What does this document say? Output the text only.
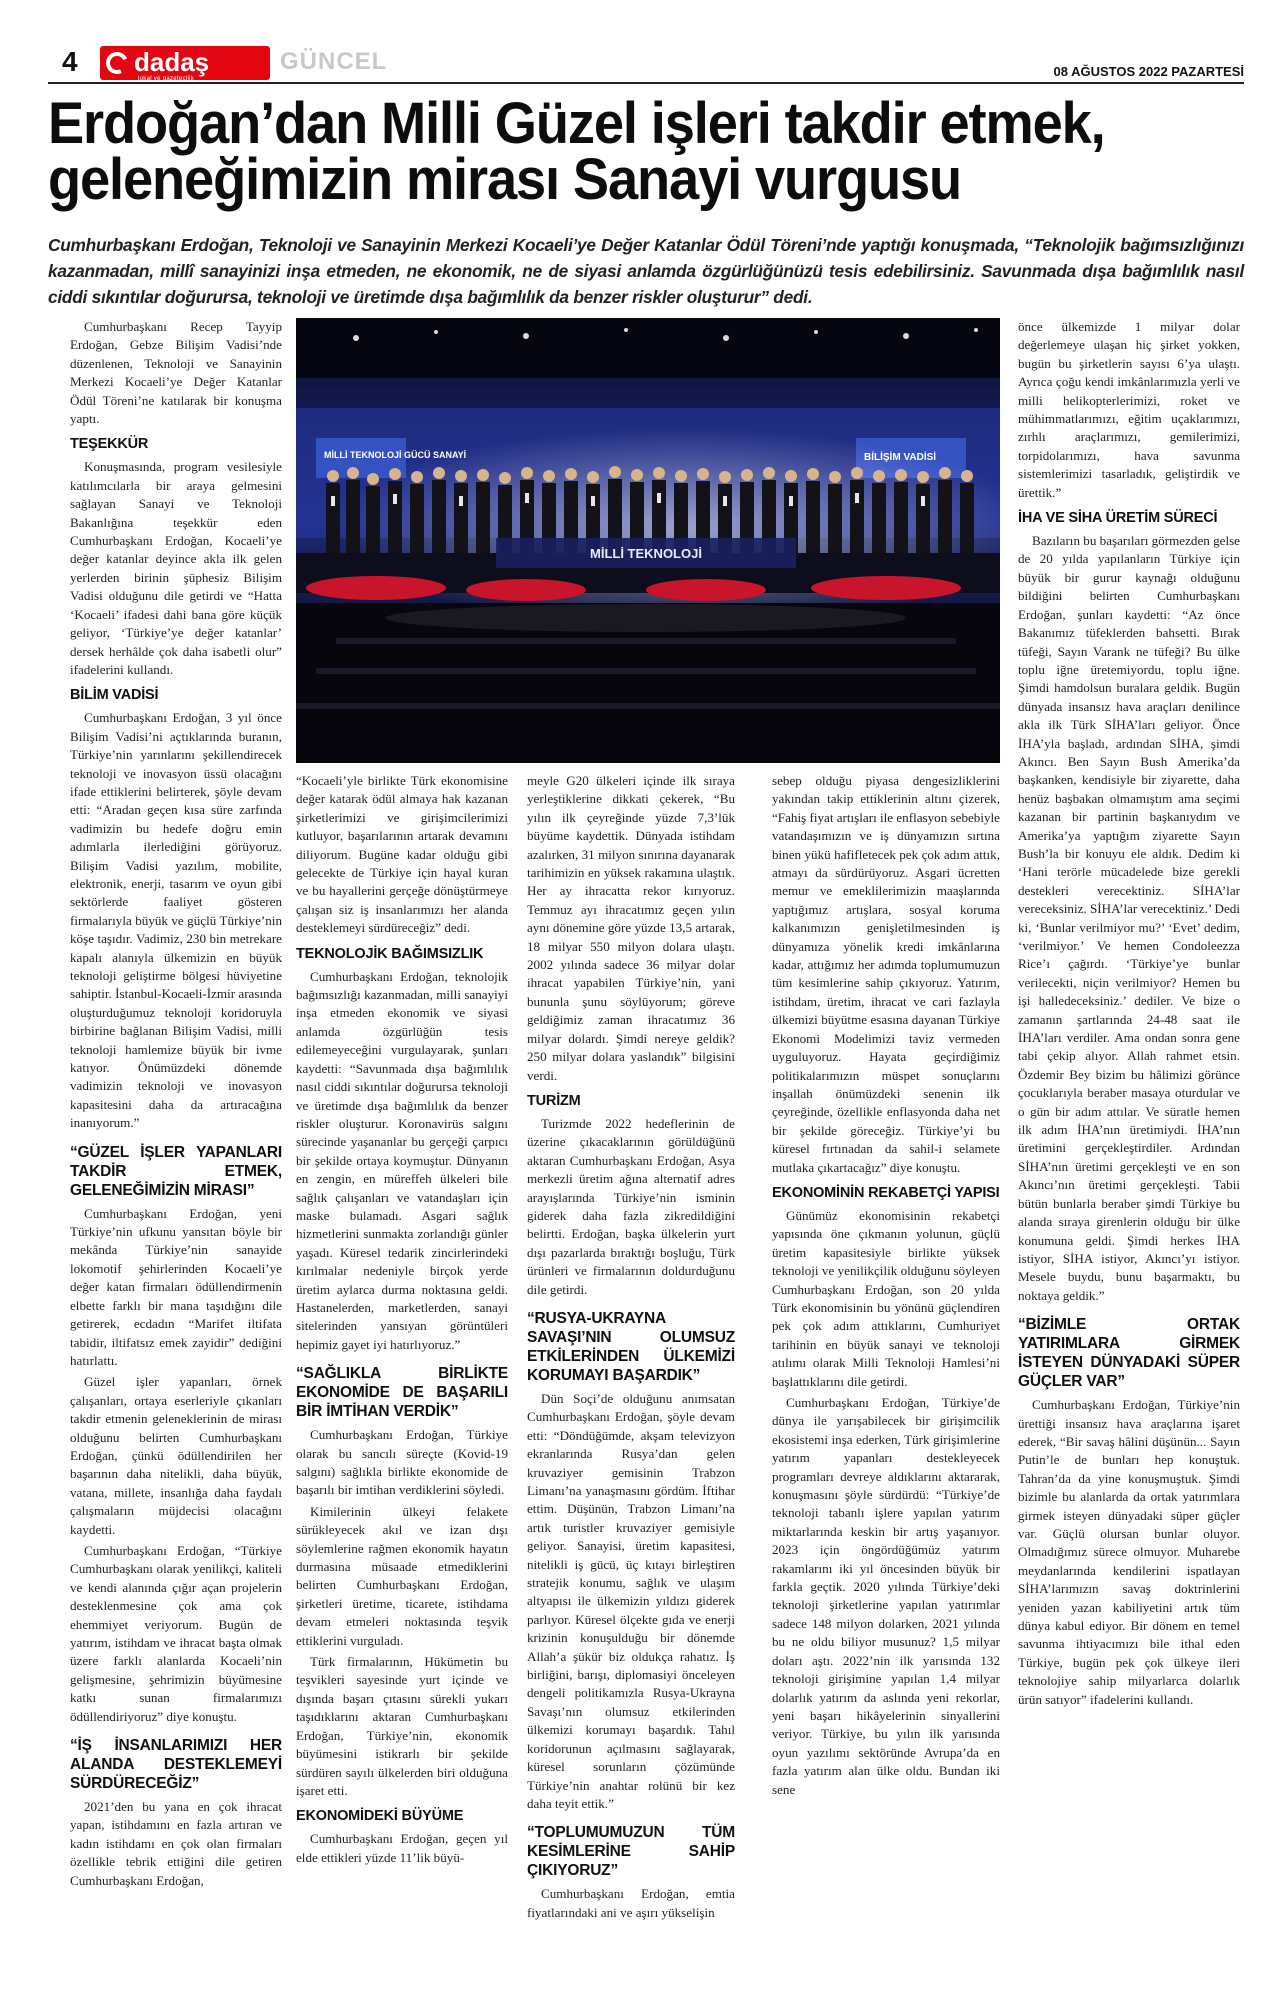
4	dadaş
lokal ve gazetecilik
GÜNCEL	08 AĞUSTOS 2022 PAZARTESİ
Erdoğan’dan Milli Güzel işleri takdir etmek,
geleneğimizin mirası Sanayi vurgusu
Cumhurbaşkanı Erdoğan, Teknoloji ve Sanayinin Merkezi Kocaeli’ye Değer Katanlar Ödül Töreni’nde yaptığı konuşmada, “Teknolojik bağımsızlığınızı kazanmadan, millî sanayinizi inşa etmeden, ne ekonomik, ne de siyasi anlamda özgürlüğünüzü tesis edebilirsiniz. Savunmada dışa bağımlılık nasıl ciddi sıkıntılar doğurursa, teknoloji ve üretimde dışa bağımlılık da benzer riskler oluşturur” dedi.

Cumhurbaşkanı Recep Tayyip Erdoğan, Gebze Bilişim Vadisi’nde düzenlenen, Teknoloji ve Sanayinin Merkezi Kocaeli’ye Değer Katanlar Ödül Töreni’ne katılarak bir konuşma yaptı.

TEŞEKKÜR

Konuşmasında, program vesilesiyle katılımcılarla bir araya gelmesini sağlayan Sanayi ve Teknoloji Bakanlığına teşekkür eden Cumhurbaşkanı Erdoğan, Kocaeli’ye değer katanlar deyince akla ilk gelen yerlerden birinin şüphesiz Bilişim Vadisi olduğunu dile getirdi ve “Hatta ‘Kocaeli’ ifadesi dahi bana göre küçük geliyor, ‘Türkiye’ye değer katanlar’ dersek herhâlde çok daha isabetli olur” ifadelerini kullandı.

BİLİM VADİSİ

Cumhurbaşkanı Erdoğan, 3 yıl önce Bilişim Vadisi’ni açtıklarında buranın, Türkiye’nin yarınlarını şekillendirecek teknoloji ve inovasyon üssü olacağını ifade ettiklerini belirterek, şöyle devam etti: “Aradan geçen kısa süre zarfında vadimizin bu hedefe doğru emin adımlarla ilerlediğini görüyoruz. Bilişim Vadisi yazılım, mobilite, elektronik, enerji, tasarım ve oyun gibi sektörlerde faaliyet gösteren firmalarıyla büyük ve güçlü Türkiye’nin köşe taşıdır. Vadimiz, 230 bin metrekare kapalı alanıyla ülkemizin en büyük teknoloji geliştirme bölgesi hüviyetine sahiptir. İstanbul-Kocaeli-İzmir arasında oluşturduğumuz teknoloji koridoruyla birbirine bağlanan Bilişim Vadisi, milli teknoloji hamlemize büyük bir ivme katıyor. Önümüzdeki dönemde vadimizin teknoloji ve inovasyon kapasitesini daha da artıracağına inanıyorum.”

“GÜZEL İŞLER YAPANLARI TAKDİR ETMEK, GELENEĞİMİZİN MİRASI”

Cumhurbaşkanı Erdoğan, yeni Türkiye’nin ufkunu yansıtan böyle bir mekânda Türkiye’nin sanayide lokomotif şehirlerinden Kocaeli’ye değer katan firmaları ödüllendirmenin elbette farklı bir mana taşıdığını dile getirerek, ecdadın “Marifet iltifata tabidir, iltifatsız emek zayidir” dediğini hatırlattı.

Güzel işler yapanları, örnek çalışanları, ortaya eserleriyle çıkanları takdir etmenin geleneklerinin de mirası olduğunu belirten Cumhurbaşkanı Erdoğan, çünkü ödüllendirilen her başarının daha nitelikli, daha büyük, vatana, millete, insanlığa daha faydalı çalışmaların müjdecisi olacağını kaydetti.

Cumhurbaşkanı Erdoğan, “Türkiye Cumhurbaşkanı olarak yenilikçi, kaliteli ve kendi alanında çığır açan projelerin desteklenmesine çok ama çok ehemmiyet veriyorum. Bugün de yatırım, istihdam ve ihracat başta olmak üzere farklı alanlarda Kocaeli’nin gelişmesine, şehrimizin büyümesine katkı sunan firmalarımızı ödüllendiriyoruz” diye konuştu.

“İŞ İNSANLARIMIZI HER ALANDA DESTEKLEMEYİ SÜRDÜRECEĞİZ”

2021’den bu yana en çok ihracat yapan, istihdamını en fazla artıran ve kadın istihdamı en çok olan firmaları özellikle tebrik ettiğini dile getiren Cumhurbaşkanı Erdoğan,

MİLLİ TEKNOLOJİ

“Kocaeli’yle birlikte Türk ekonomisine değer katarak ödül almaya hak kazanan şirketlerimizi ve girişimcilerimizi kutluyor, başarılarının artarak devamını diliyorum. Bugüne kadar olduğu gibi gelecekte de Türkiye için hayal kuran ve bu hayallerini gerçeğe dönüştürmeye çalışan siz iş insanlarımızı her alanda desteklemeyi sürdüreceğiz” dedi.

TEKNOLOJİK BAĞIMSIZLIK

Cumhurbaşkanı Erdoğan, teknolojik bağımsızlığı kazanmadan, milli sanayiyi inşa etmeden ekonomik ve siyasi anlamda özgürlüğün tesis edilemeyeceğini vurgulayarak, şunları kaydetti: “Savunmada dışa bağımlılık nasıl ciddi sıkıntılar doğurursa teknoloji ve üretimde dışa bağımlılık da benzer riskler oluşturur. Koronavirüs salgını sürecinde yaşananlar bu gerçeği çarpıcı bir şekilde ortaya koymuştur. Dünyanın en zengin, en müreffeh ülkeleri bile sağlık çalışanları ve vatandaşları için maske bulamadı. Asgari sağlık hizmetlerini sunmakta zorlandığı günler yaşadı. Küresel tedarik zincirlerindeki kırılmalar nedeniyle birçok yerde üretim aylarca durma noktasına geldi. Hastanelerden, marketlerden, sanayi sitelerinden yansıyan görüntüleri hepimiz gayet iyi hatırlıyoruz.”

“SAĞLIKLA BİRLİKTE EKONOMİDE DE BAŞARILI BİR İMTİHAN VERDİK”

Cumhurbaşkanı Erdoğan, Türkiye olarak bu sancılı süreçte (Kovid-19 salgını) sağlıkla birlikte ekonomide de başarılı bir imtihan verdiklerini söyledi.

Kimilerinin ülkeyi felakete sürükleyecek akıl ve izan dışı söylemlerine rağmen ekonomik hayatın durmasına müsaade etmediklerini belirten Cumhurbaşkanı Erdoğan, şirketleri üretime, ticarete, istihdama devam etmeleri noktasında teşvik ettiklerini vurguladı.

Türk firmalarının, Hükümetin bu teşvikleri sayesinde yurt içinde ve dışında başarı çıtasını sürekli yukarı taşıdıklarını aktaran Cumhurbaşkanı Erdoğan, Türkiye’nin, ekonomik büyümesini istikrarlı bir şekilde sürdüren sayılı ülkelerden biri olduğuna işaret etti.

EKONOMİDEKİ BÜYÜME

Cumhurbaşkanı Erdoğan, geçen yıl elde ettikleri yüzde 11’lik büyü-

meyle G20 ülkeleri içinde ilk sıraya yerleştiklerine dikkati çekerek, “Bu yılın ilk çeyreğinde yüzde 7,3’lük büyüme kaydettik. Dünyada istihdam azalırken, 31 milyon sınırına dayanarak tarihimizin en yüksek rakamına ulaştık. Her ay ihracatta rekor kırıyoruz. Temmuz ayı ihracatımız geçen yılın aynı dönemine göre yüzde 13,5 artarak, 18 milyar 550 milyon dolara ulaştı. 2002 yılında sadece 36 milyar dolar ihracat yapabilen Türkiye’nin, yani bununla şunu söylüyorum; göreve geldiğimiz zaman ihracatımız 36 milyar dolardı. Şimdi nereye geldik? 250 milyar dolara yaslandık” bilgisini verdi.

TURİZM

Turizmde 2022 hedeflerinin de üzerine çıkacaklarının görüldüğünü aktaran Cumhurbaşkanı Erdoğan, Asya merkezli üretim ağına alternatif adres arayışlarında Türkiye’nin isminin giderek daha fazla zikredildiğini belirtti. Erdoğan, başka ülkelerin yurt dışı pazarlarda bıraktığı boşluğu, Türk ürünleri ve firmalarının doldurduğunu dile getirdi.

“RUSYA-UKRAYNA SAVAŞI’NIN OLUMSUZ ETKİLERİNDEN ÜLKEMİZİ KORUMAYI BAŞARDIK”

Dün Soçi’de olduğunu anımsatan Cumhurbaşkanı Erdoğan, şöyle devam etti: “Döndüğümde, akşam televizyon ekranlarında Rusya’dan gelen kruvaziyer gemisinin Trabzon Limanı’na yanaşmasını gördüm. İftihar ettim. Düşünün, Trabzon Limanı’na artık turistler kruvaziyer gemisiyle geliyor. Sanayisi, üretim kapasitesi, nitelikli iş gücü, üç kıtayı birleştiren stratejik konumu, sağlık ve ulaşım altyapısı ile ülkemizin yıldızı giderek parlıyor. Küresel ölçekte gıda ve enerji krizinin konuşulduğu bir dönemde Allah’a şükür biz oldukça rahatız. İş birliğini, barışı, diplomasiyi önceleyen dengeli politikamızla Rusya-Ukrayna Savaşı’nın olumsuz etkilerinden ülkemizi korumayı başardık. Tahıl koridorunun açılmasını sağlayarak, küresel sorunların çözümünde Türkiye’nin anahtar rolünü bir kez daha teyit ettik.”

“TOPLUMUMUZUN TÜM KESİMLERİNE SAHİP ÇIKIYORUZ”

Cumhurbaşkanı Erdoğan, emtia fiyatlarındaki ani ve aşırı yükselişin

sebep olduğu piyasa dengesizliklerini yakından takip ettiklerinin altını çizerek, “Fahiş fiyat artışları ile enflasyon sebebiyle vatandaşımızın ve iş dünyamızın sırtına binen yükü hafifletecek pek çok adım attık, atmayı da sürdürüyoruz. Asgari ücretten memur ve emeklilerimizin maaşlarında yaptığımız artışlara, sosyal koruma kalkanımızın genişletilmesinden iş dünyamıza yönelik kredi imkânlarına kadar, attığımız her adımda toplumumuzun tüm kesimlerine sahip çıkıyoruz. Yatırım, istihdam, üretim, ihracat ve cari fazlayla ülkemizi büyütme esasına dayanan Türkiye Ekonomi Modelimizi taviz vermeden uyguluyoruz. Hayata geçirdiğimiz politikalarımızın müspet sonuçlarını inşallah önümüzdeki senenin ilk çeyreğinde, özellikle enflasyonda daha net bir şekilde göreceğiz. Türkiye’yi bu küresel fırtınadan da sahil-i selamete mutlaka çıkartacağız” diye konuştu.

EKONOMİNİN REKABETÇİ YAPISI

Günümüz ekonomisinin rekabetçi yapısında öne çıkmanın yolunun, güçlü üretim kapasitesiyle birlikte yüksek teknoloji ve yenilikçilik olduğunu söyleyen Cumhurbaşkanı Erdoğan, son 20 yılda Türk ekonomisinin bu yönünü güçlendiren pek çok adım attıklarını, Cumhuriyet tarihinin en büyük sanayi ve teknoloji atılımı olarak Milli Teknoloji Hamlesi’ni başlattıklarını dile getirdi.

Cumhurbaşkanı Erdoğan, Türkiye’de dünya ile yarışabilecek bir girişimcilik ekosistemi inşa ederken, Türk girişimlerine yatırım yapanları destekleyecek programları devreye aldıklarını aktararak, konuşmasını şöyle sürdürdü: “Türkiye’de teknoloji tabanlı işlere yapılan yatırım miktarlarında keskin bir artış yaşanıyor. 2023 için öngördüğümüz yatırım rakamlarını iki yıl öncesinden büyük bir farkla geçtik. 2020 yılında Türkiye’deki teknoloji şirketlerine yapılan yatırımlar sadece 148 milyon dolarken, 2021 yılında bu ne oldu biliyor musunuz? 1,5 milyar doları aştı. 2022’nin ilk yarısında 132 teknoloji girişimine yapılan 1,4 milyar dolarlık yatırım da aslında yeni rekorlar, yeni başarı hikâyelerinin sinyallerini veriyor. Türkiye, bu yılın ilk yarısında oyun yazılımı sektöründe Avrupa’da en fazla yatırım alan ülke oldu. Bundan iki sene

önce ülkemizde 1 milyar dolar değerlemeye ulaşan hiç şirket yokken, bugün bu şirketlerin sayısı 6’ya ulaştı. Ayrıca çoğu kendi imkânlarımızla yerli ve milli helikopterlerimizi, roket ve mühimmatlarımızı, eğitim uçaklarımızı, zırhlı araçlarımızı, gemilerimizi, torpidolarımızı, hava savunma sistemlerimizi tasarladık, geliştirdik ve ürettik.”

İHA VE SİHA ÜRETİM SÜRECİ

Bazıların bu başarıları görmezden gelse de 20 yılda yapılanların Türkiye için büyük bir gurur kaynağı olduğunu bildiğini belirten Cumhurbaşkanı Erdoğan, şunları kaydetti: “Az önce Bakanımız tüfeklerden bahsetti. Bırak tüfeği, Sayın Varank ne tüfeği? Bu ülke toplu iğne üretemiyordu, toplu iğne. Şimdi hamdolsun buralara geldik. Bugün dünyada insansız hava araçları denilince akla ilk Türk SİHA’ları geliyor. Önce İHA’yla başladı, ardından SİHA, şimdi Akıncı. Ben Sayın Bush Amerika’da başkanken, kendisiyle bir ziyarette, daha henüz başbakan olmamıştım ama seçimi kazanan bir partinin başkanıydım ve Amerika’ya yaptığım ziyarette Sayın Bush’la bir konuyu ele aldık. Dedim ki ‘Hani terörle mücadelede bize gerekli destekleri verecektiniz. SİHA’lar vereceksiniz. SİHA’lar verecektiniz.’ Dedi ki, ‘Bunlar verilmiyor mu?’ ‘Evet’ dedim, ‘verilmiyor.’ Ve hemen Condoleezza Rice’ı çağırdı. ‘Türkiye’ye bunlar verilecekti, niçin verilmiyor? Hemen bu işi halledeceksiniz.’ dediler. Ve bize o zamanın şartlarında 24-48 saat ile İHA’ları verdiler. Ama ondan sonra gene tabi çekip alıyor. Allah rahmet etsin. Özdemir Bey bizim bu hâlimizi görünce çocuklarıyla beraber masaya oturdular ve o gün bir adım attılar. Ve süratle hemen ilk adım İHA’nın üretimiydi. İHA’nın üretimini gerçekleştirdiler. Ardından SİHA’nın üretimi gerçekleşti ve en son Akıncı’nın üretimi gerçekleşti. Tabii bütün bunlarla beraber şimdi Türkiye bu alanda sıraya girenlerin olduğu bir ülke konumuna geldi. Şimdi herkes İHA istiyor, SİHA istiyor, Akıncı’yı istiyor. Mesele buydu, bunu başarmaktı, bu noktaya geldik.”

“BİZİMLE ORTAK YATIRIMLARA GİRMEK İSTEYEN DÜNYADAKİ SÜPER GÜÇLER VAR”

Cumhurbaşkanı Erdoğan, Türkiye’nin ürettiği insansız hava araçlarına işaret ederek, “Bir savaş hâlini düşünün... Sayın Putin’le de bunları hep konuştuk. Tahran’da da yine konuşmuştuk. Şimdi bizimle bu alanlarda da ortak yatırımlara girmek isteyen dünyadaki süper güçler var. Güçlü olursan bunlar oluyor. Olmadığımız sürece olmuyor. Muharebe meydanlarında kendilerini ispatlayan SİHA’larımızın savaş doktrinlerini yeniden yazan kabiliyetini artık tüm dünya kabul ediyor. Bir dönem en temel savunma ihtiyacımızı bile ithal eden Türkiye, bugün pek çok ülkeye ileri teknolojiye sahip milyarlarca dolarlık ürün satıyor” ifadelerini kullandı.
